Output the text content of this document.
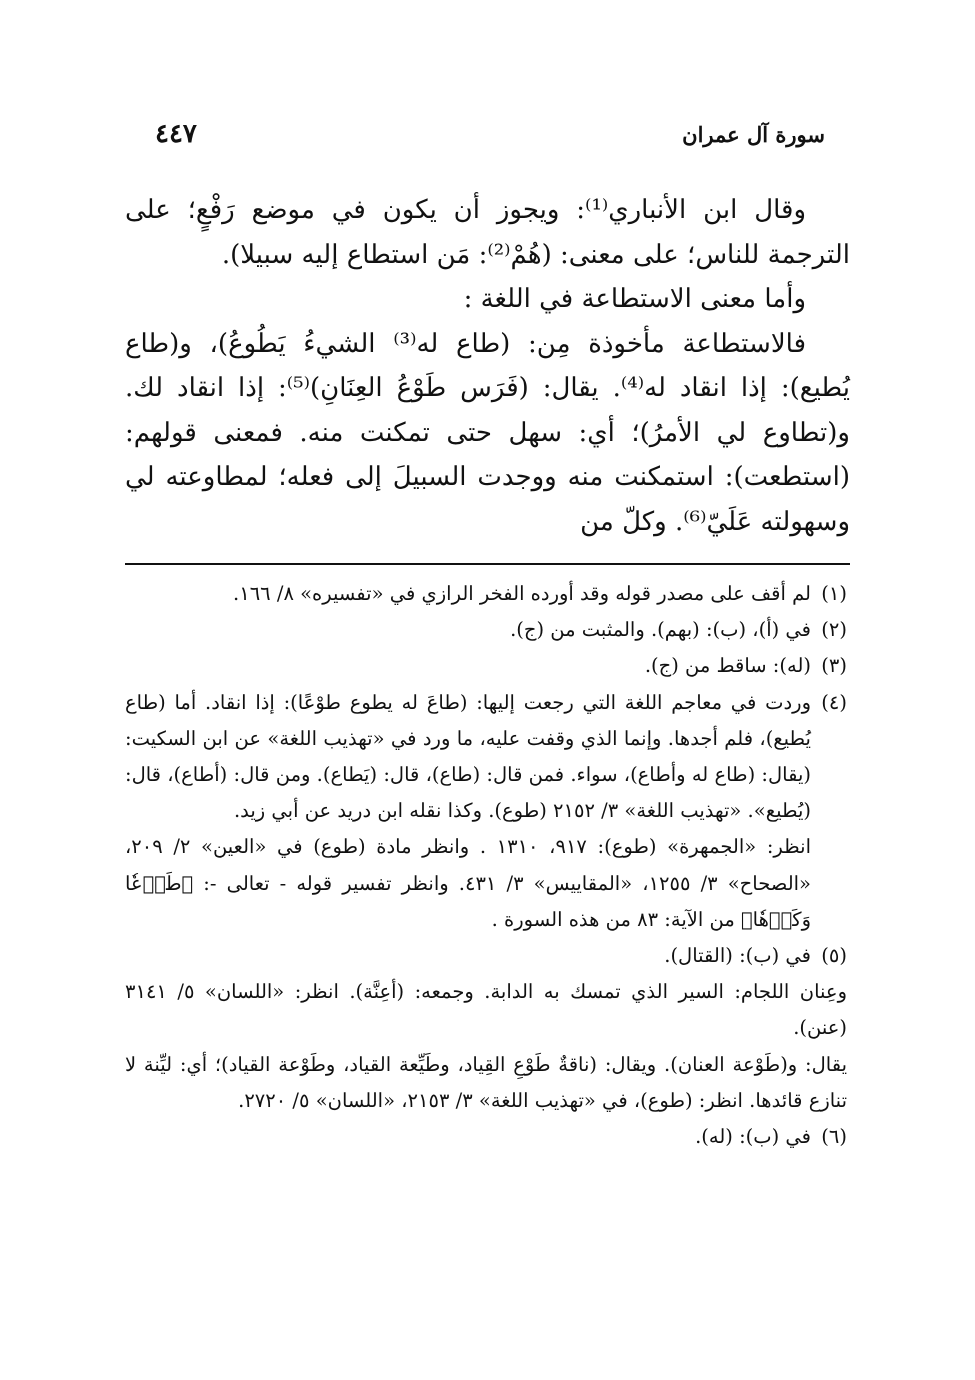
سورة آل عمران
٤٤٧

وقال ابن الأنباري⁽¹⁾: ويجوز أن يكون في موضع رَفْعٍ؛ على الترجمة للناس؛ على معنى: (هُمْ⁽²⁾: مَن استطاع إليه سبيلا).

وأما معنى الاستطاعة في اللغة :

فالاستطاعة مأخوذة مِن: (طاع له⁽³⁾ الشيءُ يَطُوعُ)، و(طاع يُطيع): إذا انقاد له⁽⁴⁾. يقال: (فَرَس طَوْعُ العِنَانِ)⁽⁵⁾: إذا انقاد لك. و(تطاوع لي الأمرُ)؛ أي: سهل حتى تمكنت منه. فمعنى قولهم: (استطعت): استمكنت منه ووجدت السبيلَ إلى فعله؛ لمطاوعته لي وسهولته عَلَيّ⁽⁶⁾. وكلّ من

(١)
لم أقف على مصدر قوله وقد أورده الفخر الرازي في «تفسيره» ٨/ ١٦٦.
(٢)
في (أ)، (ب): (بهم). والمثبت من (ج).
(٣)
(له): ساقط من (ج).
(٤)

وردت في معاجم اللغة التي رجعت إليها: (طاعَ له يطوع طوْعًا): إذا انقاد. أما (طاع يُطيع)، فلم أجدها. وإنما الذي وقفت عليه، ما ورد في «تهذيب اللغة» عن ابن السكيت: (يقال: (طاع له وأطاع)، سواء. فمن قال: (طاع)، قال: (يَطاع). ومن قال: (أطاع)، قال: (يُطيع». «تهذيب اللغة» ٣/ ٢١٥٢ (طوع). وكذا نقله ابن دريد عن أبي زيد.

انظر: «الجمهرة» (طوع): ٩١٧، ١٣١٠ . وانظر مادة (طوع) في «العين» ٢/ ٢٠٩، «الصحاح» ٣/ ١٢٥٥، «المقاييس» ٣/ ٤٣١. وانظر تفسير قوله - تعالى -: ﴿طَوۡعٗا وَكَرۡهٗا﴾ من الآية: ٨٣ من هذه السورة .

(٥)
في (ب): (القتال).

وعِنان اللجام: السير الذي تمسك به الدابة. وجمعه: (أعِنَّة). انظر: «اللسان» ٥/ ٣١٤١ (عنن).

يقال: و(طَوْعة العنان). ويقال: (ناقةٌ طَوْعِ القِياد، وطَيِّعة القياد، وطَوْعة القياد)؛ أي: ليِّنة لا تنازع قائدها. انظر: (طوع)، في «تهذيب اللغة» ٣/ ٢١٥٣، «اللسان» ٥/ ٢٧٢٠.

(٦)
في (ب): (له).
